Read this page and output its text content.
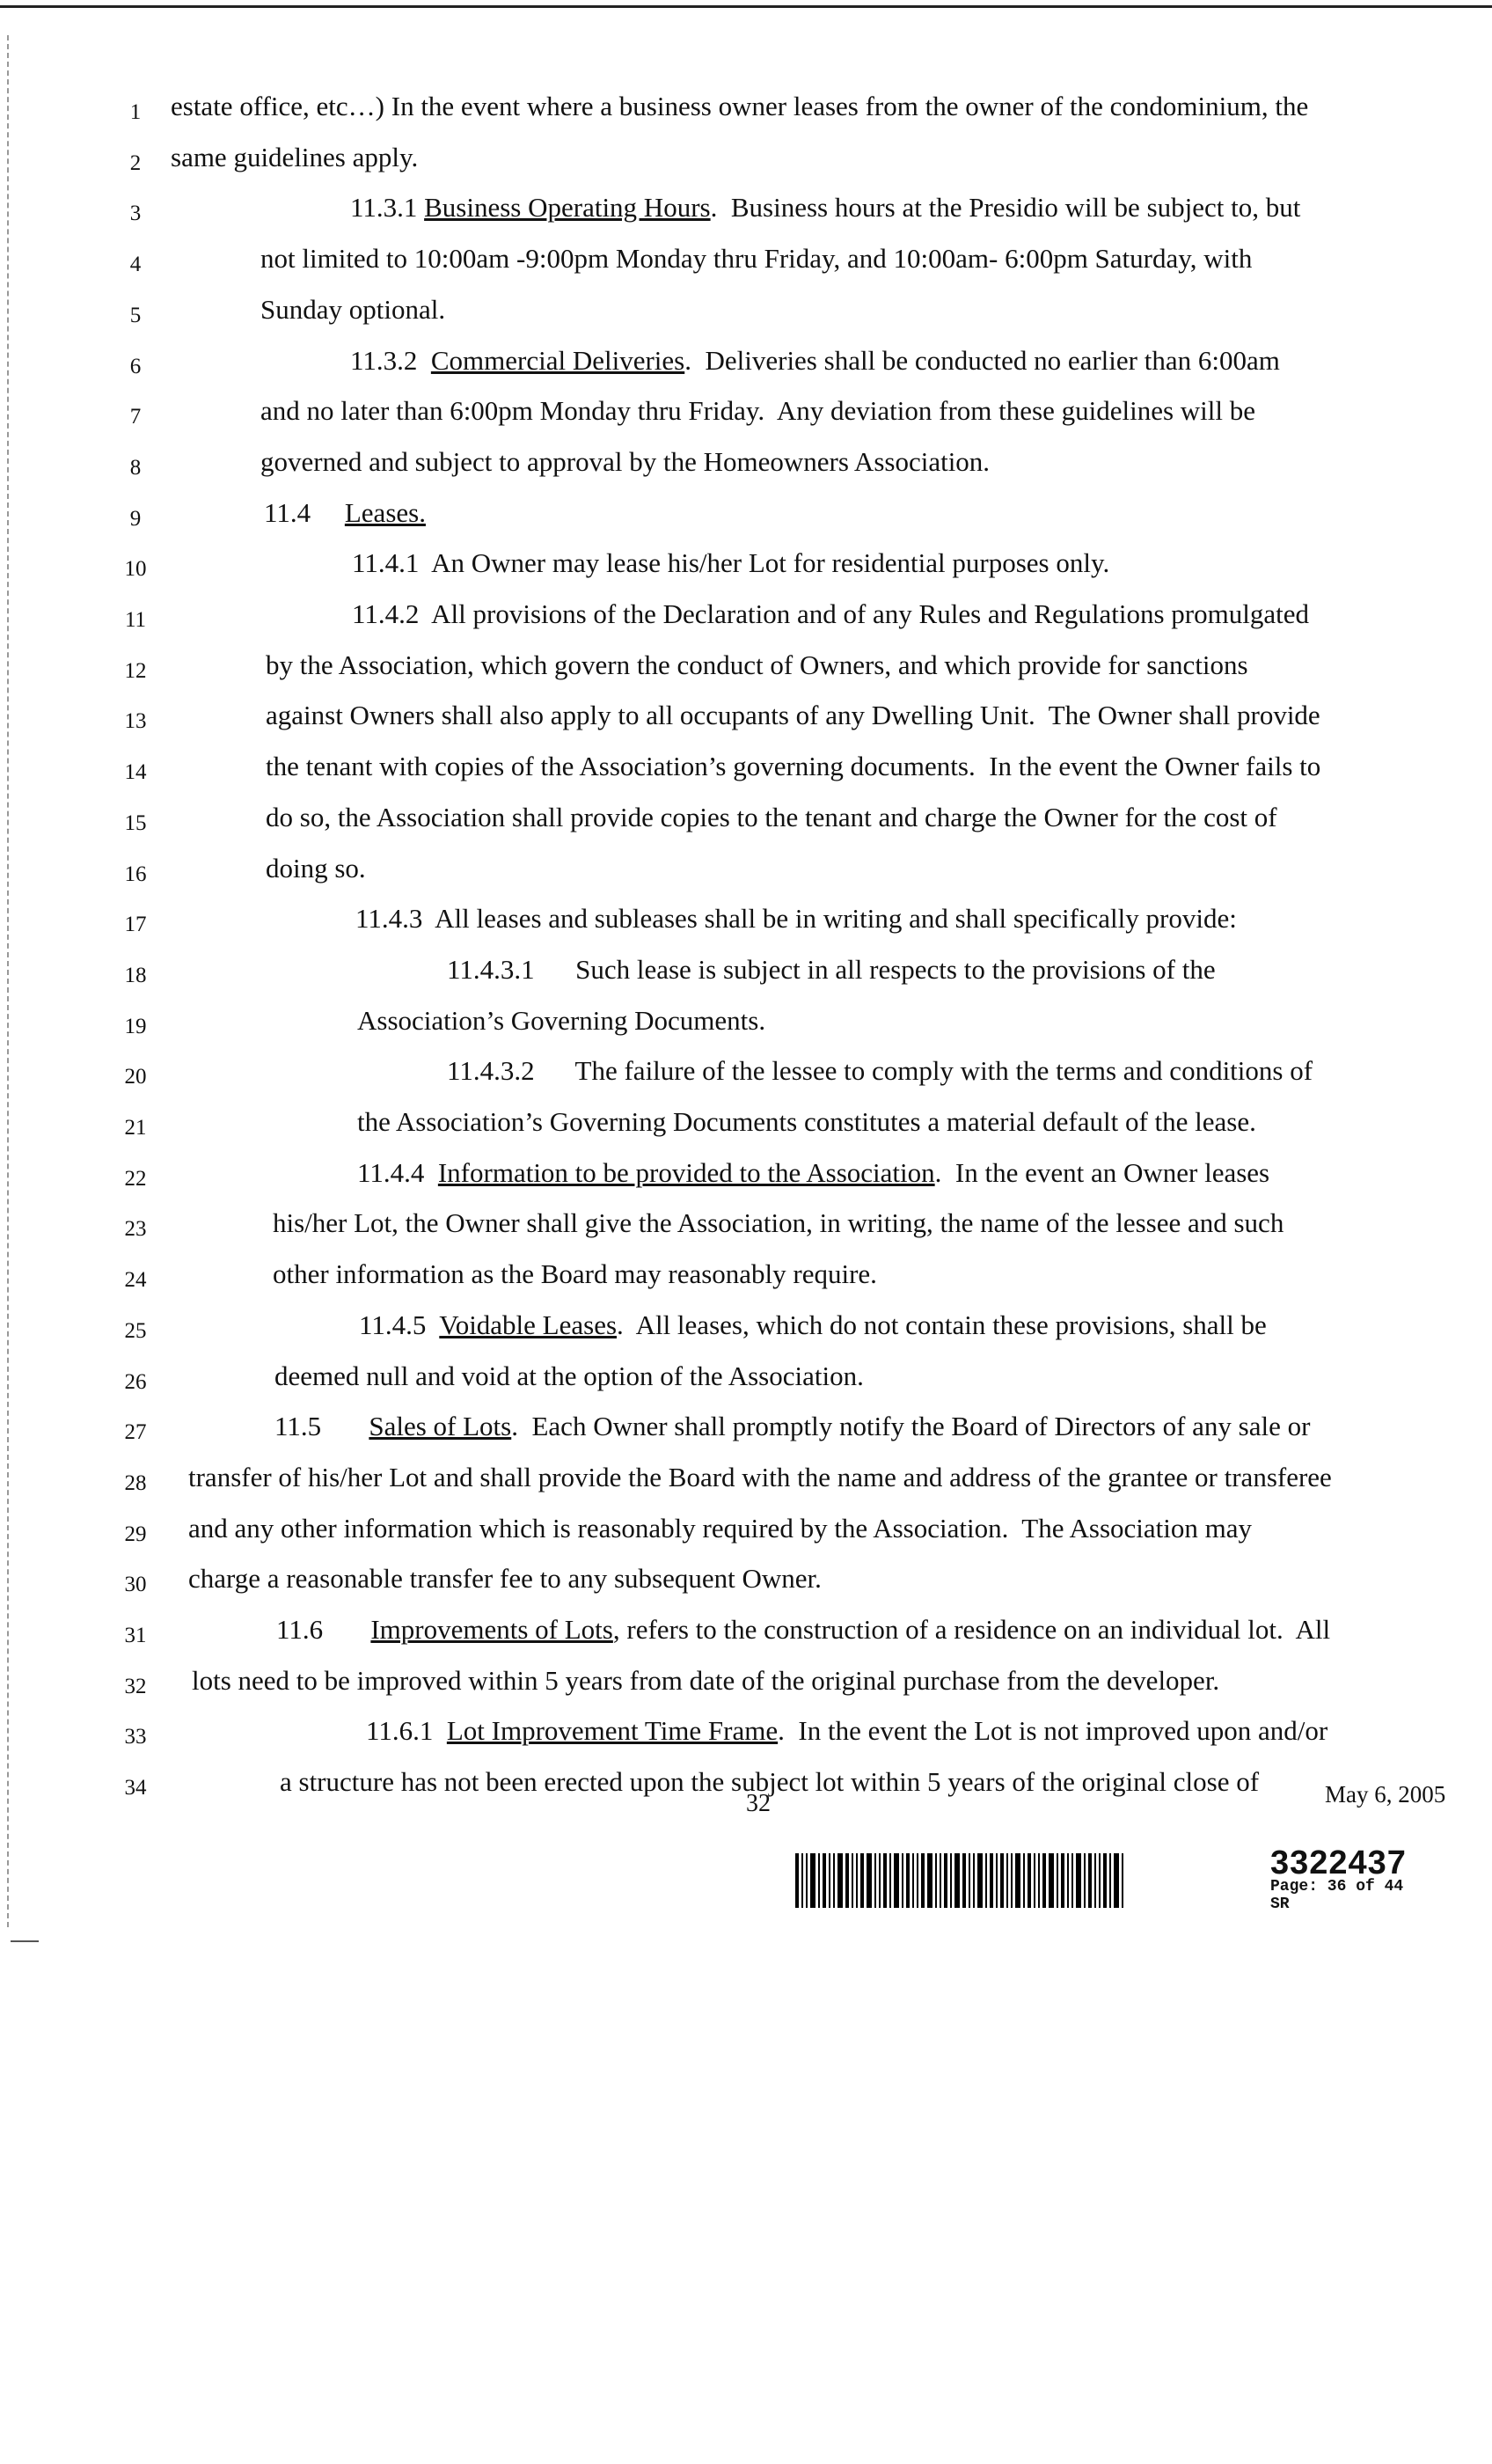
1	estate office, etc…) In the event where a business owner leases from the owner of the condominium, the
2	same guidelines apply.
3	11.3.1 Business Operating Hours.  Business hours at the Presidio will be subject to, but
4	not limited to 10:00am -9:00pm Monday thru Friday, and 10:00am- 6:00pm Saturday, with
5	Sunday optional.
6	11.3.2  Commercial Deliveries.  Deliveries shall be conducted no earlier than 6:00am
7	and no later than 6:00pm Monday thru Friday.  Any deviation from these guidelines will be
8	governed and subject to approval by the Homeowners Association.
9	11.4     Leases.
10	11.4.1  An Owner may lease his/her Lot for residential purposes only.
11	11.4.2  All provisions of the Declaration and of any Rules and Regulations promulgated
12	by the Association, which govern the conduct of Owners, and which provide for sanctions
13	against Owners shall also apply to all occupants of any Dwelling Unit.  The Owner shall provide
14	the tenant with copies of the Association’s governing documents.  In the event the Owner fails to
15	do so, the Association shall provide copies to the tenant and charge the Owner for the cost of
16	doing so.
17	11.4.3  All leases and subleases shall be in writing and shall specifically provide:
18	11.4.3.1      Such lease is subject in all respects to the provisions of the
19	Association’s Governing Documents.
20	11.4.3.2      The failure of the lessee to comply with the terms and conditions of
21	the Association’s Governing Documents constitutes a material default of the lease.
22	11.4.4  Information to be provided to the Association.  In the event an Owner leases
23	his/her Lot, the Owner shall give the Association, in writing, the name of the lessee and such
24	other information as the Board may reasonably require.
25	11.4.5  Voidable Leases.  All leases, which do not contain these provisions, shall be
26	deemed null and void at the option of the Association.
27	11.5       Sales of Lots.  Each Owner shall promptly notify the Board of Directors of any sale or
28	transfer of his/her Lot and shall provide the Board with the name and address of the grantee or transferee
29	and any other information which is reasonably required by the Association.  The Association may
30	charge a reasonable transfer fee to any subsequent Owner.
31	11.6       Improvements of Lots, refers to the construction of a residence on an individual lot.  All
32	lots need to be improved within 5 years from date of the original purchase from the developer.
33	11.6.1  Lot Improvement Time Frame.  In the event the Lot is not improved upon and/or
34	a structure has not been erected upon the subject lot within 5 years of the original close of
32	May 6, 2005
3322437
Page: 36 of 44
SR
